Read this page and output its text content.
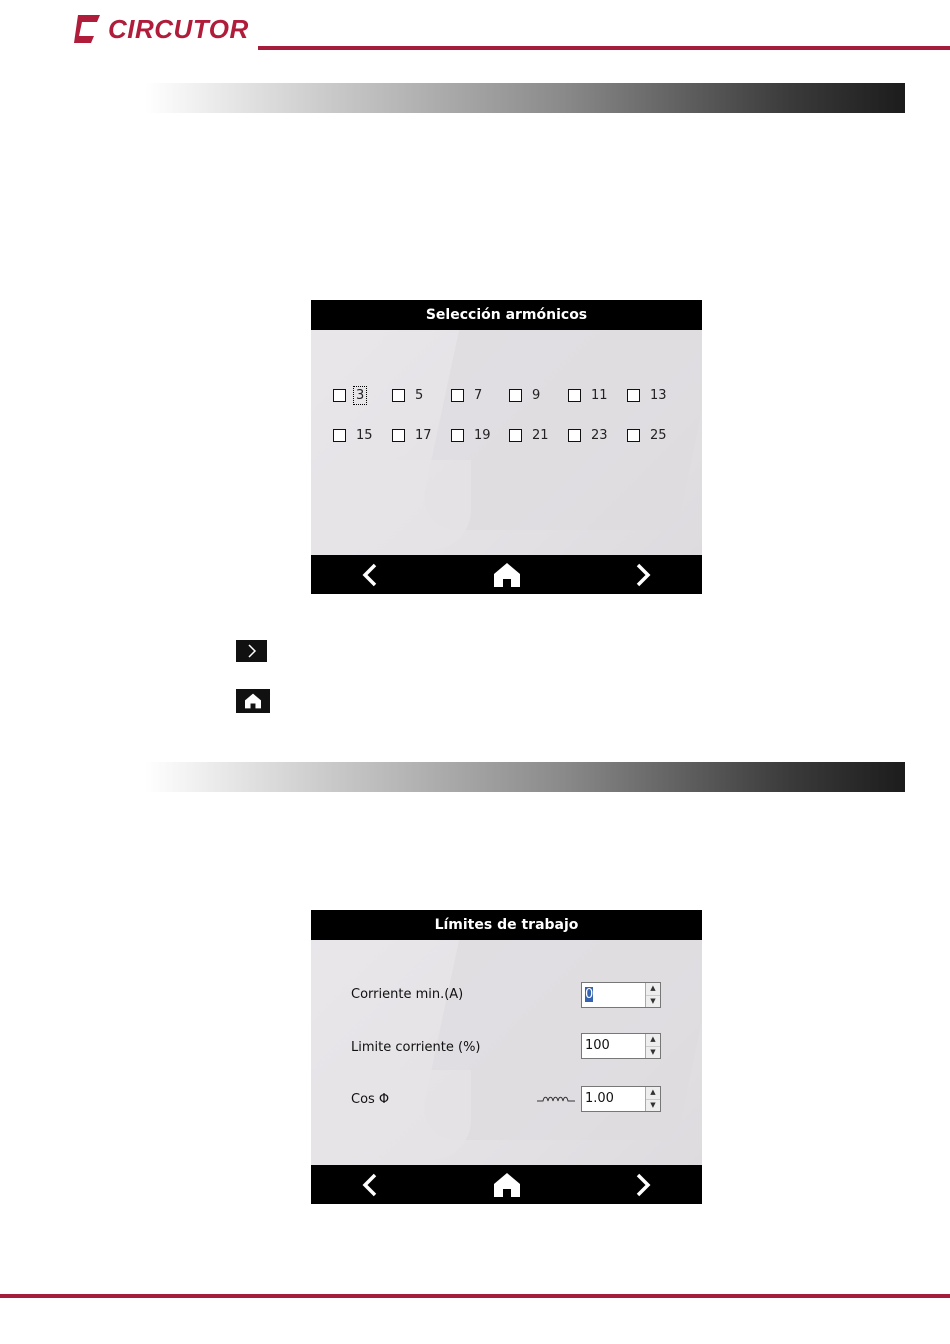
CIRCUTOR
Selección armónicos
3	5	7	9	11	13
15	17	19	21	23	25
Límites de trabajo
Corriente min.(A)	0	▲
▼
Limite corriente (%)	100	▲
▼
Cos Φ	1.00	▲
▼
